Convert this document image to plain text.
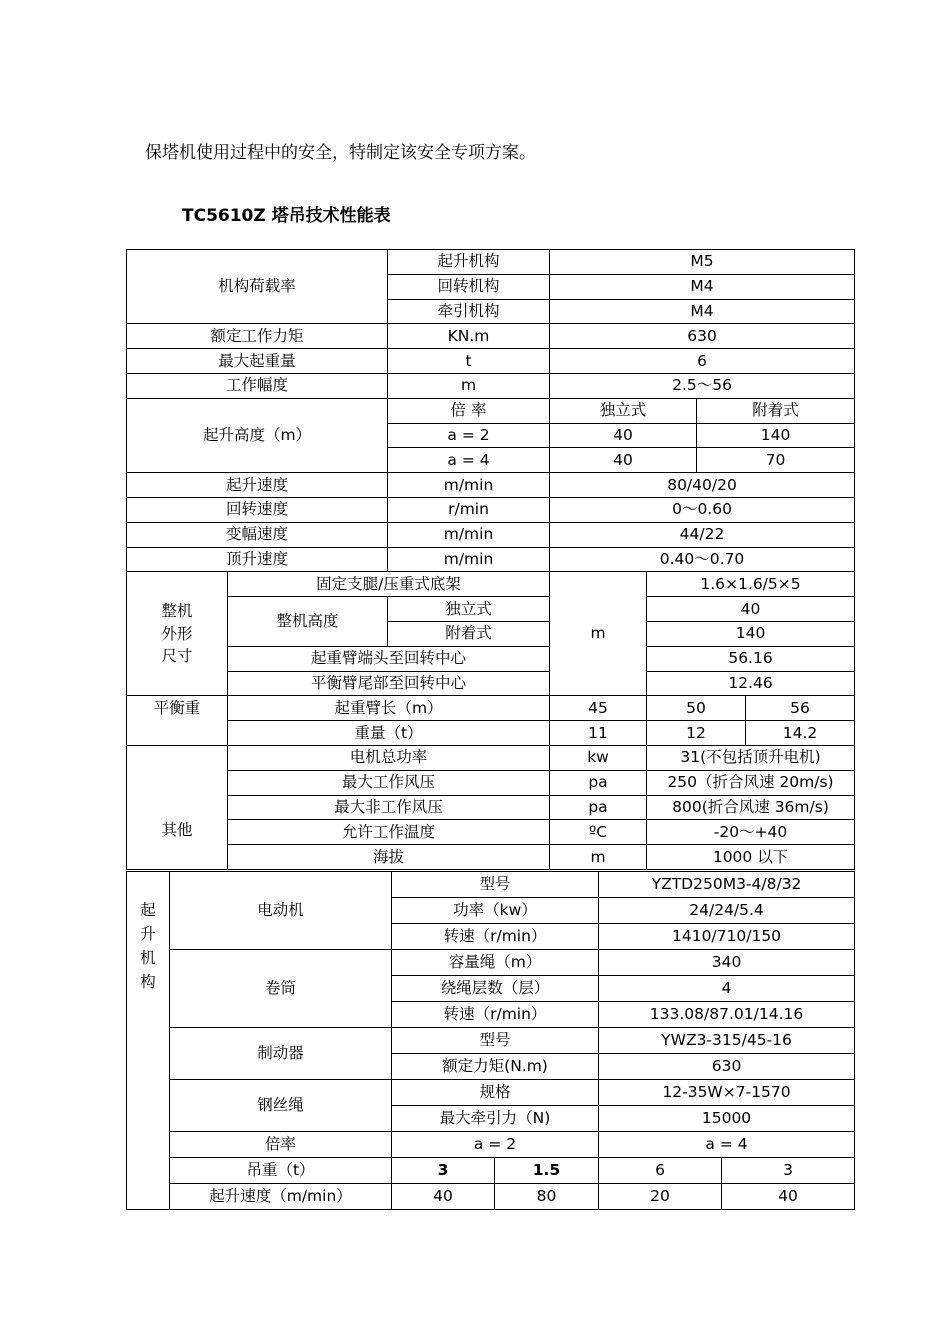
保塔机使用过程中的安全，特制定该安全专项方案。
TC5610Z 塔吊技术性能表
机构荷载率		起升机构	M5			
		回转机构	M4			
		牵引机构	M4			
额定工作力矩		KN.m	630			
最大起重量		t	6			
工作幅度		m	2.5～56			
起升高度（m）		倍 率	独立式		附着式	
		a = 2	40		140	
		a = 4	40		70	
起升速度		m/min	80/40/20			
回转速度		r/min	0～0.60			
变幅速度		m/min	44/22			
顶升速度		m/min	0.40～0.70			

整机
外形
尺寸	固定支腿/压重式底架		m	1.6×1.6/5×5		
	整机高度	独立式		40		
		附着式		140		
	起重臂端头至回转中心			56.16		
	平衡臂尾部至回转中心			12.46		
平衡重	起重臂长（m）		45	50		56
	重量（t）		11	12		14.2
其他	电机总功率		kw	31(不包括顶升电机)		
	最大工作风压		pa	250（折合风速 20m/s)		
	最大非工作风压		pa	800(折合风速 36m/s)		
	允许工作温度		ºC	-20～+40		
	海拔		m	1000 以下		
起
升
机
构	电动机	型号		YZTD250M3-4/8/32	
		功率（kw）		24/24/5.4	
		转速（r/min）		1410/710/150	
	卷筒	容量绳（m）		340	
		绕绳层数（层）		4	
		转速（r/min）		133.08/87.01/14.16	
	制动器	型号		YWZ3-315/45-16	
		额定力矩(N.m)		630	
	钢丝绳	规格		12-35W×7-1570	
		最大牵引力（N)		15000	
	倍率	a = 2		a = 4	
	吊重（t）	3	1.5	6	3
	起升速度（m/min）	40	80	20	40
